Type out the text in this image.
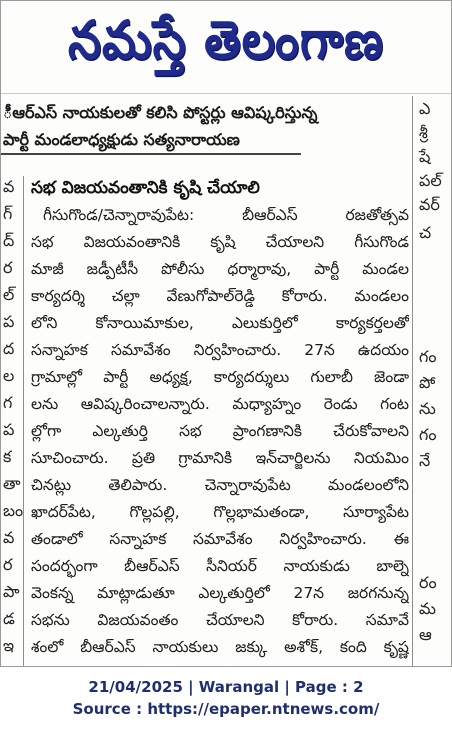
నమస్తే తెలంగాణ
ీఆర్ఎస్ నాయకులతో కలిసి పోస్టర్లు ఆవిష్కరిస్తున్న
పార్టీ మండలాధ్యక్షుడు సత్యనారాయణ
వ
గ్
ద్
ర
ల్
ప
ద
ల
గ
ప
క
తా
బం
వ
ర
పా
డ
ఇ
సభ విజయవంతానికి కృషి చేయాలి
గీసుగొండ/చెన్నారావుపేట: బీఆర్ఎస్ రజతోత్సవ
సభ విజయవంతానికి కృషి చేయాలని గీసుగొండ
మాజీ జడ్పీటీసీ పోలీసు ధర్మారావు, పార్టీ మండల
కార్యదర్శి చల్లా వేణుగోపాల్‌రెడ్డి కోరారు. మండలం
లోని కోనాయిమాకుల, ఎలుకుర్తిలో కార్యకర్తలతో
సన్నాహక సమావేశం నిర్వహించారు. 27న ఉదయం
గ్రామాల్లో పార్టీ అధ్యక్ష, కార్యదర్శులు గులాబీ జెండా
లను ఆవిష్కరించాలన్నారు. మధ్యాహ్నం రెండు గంట
ల్లోగా ఎల్కతుర్తి సభ ప్రాంగణానికి చేరుకోవాలని
సూచించారు. ప్రతి గ్రామానికి ఇన్‌చార్జిలను నియమిం
చినట్లు తెలిపారు. చెన్నారావుపేట మండలంలోని
ఖాదర్‌పేట, గొల్లపల్లి, గొల్లభామతండా, సూర్యాపేట
తండాలో సన్నాహక సమావేశం నిర్వహించారు. ఈ
సందర్భంగా బీఆర్ఎస్ సీనియర్ నాయకుడు బాల్నె
వెంకన్న మాట్లాడుతూ ఎల్కతుర్తిలో 27న జరగనున్న
సభను విజయవంతం చేయాలని కోరారు. సమావే
శంలో బీఆర్ఎస్ నాయకులు జక్కు అశోక్, కంది కృష్ణ
ఎ
శ్రీ
షే
పల్
వర్
చ
గం
పో
ను
గం
నే
రం
మ
ఆ
21/04/2025 | Warangal | Page : 2
Source : https://epaper.ntnews.com/
